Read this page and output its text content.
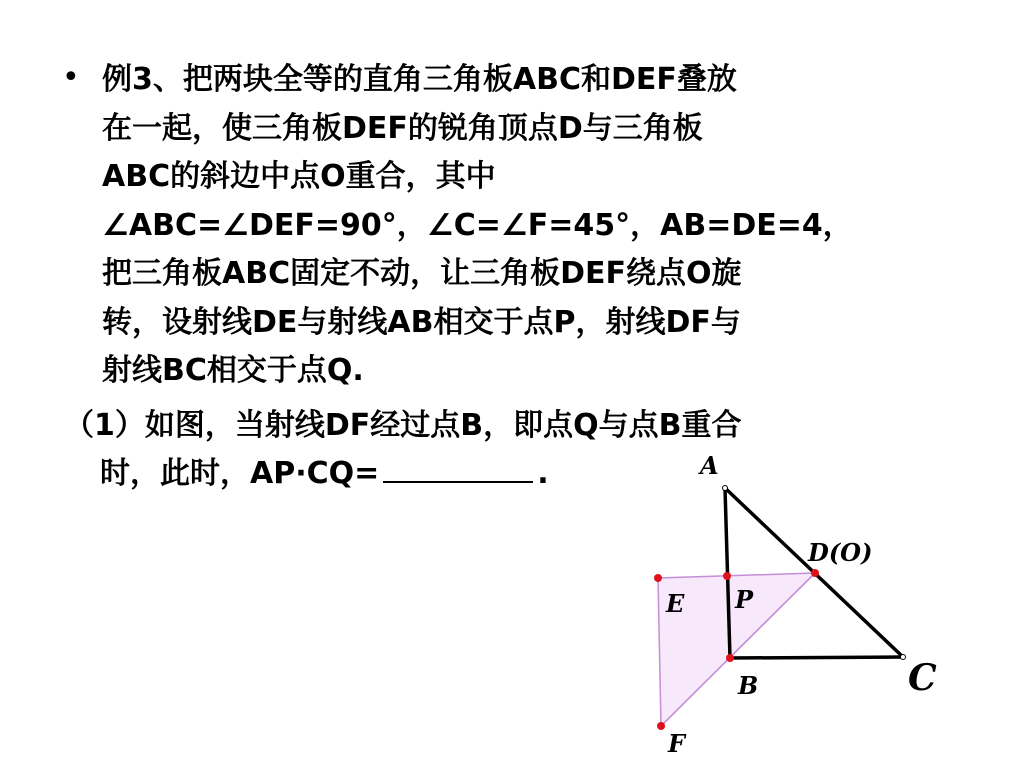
• 例3、把两块全等的直角三角板ABC和DEF叠放
在一起，使三角板DEF的锐角顶点D与三角板
ABC的斜边中点O重合，其中
∠ABC=∠DEF=90°，∠C=∠F=45°，AB=DE=4，
把三角板ABC固定不动，让三角板DEF绕点O旋
转，设射线DE与射线AB相交于点P，射线DF与
射线BC相交于点Q.
（1）如图，当射线DF经过点B，即点Q与点B重合
时，此时，AP·CQ=	.	A
D(O)
E P
B	C
F
